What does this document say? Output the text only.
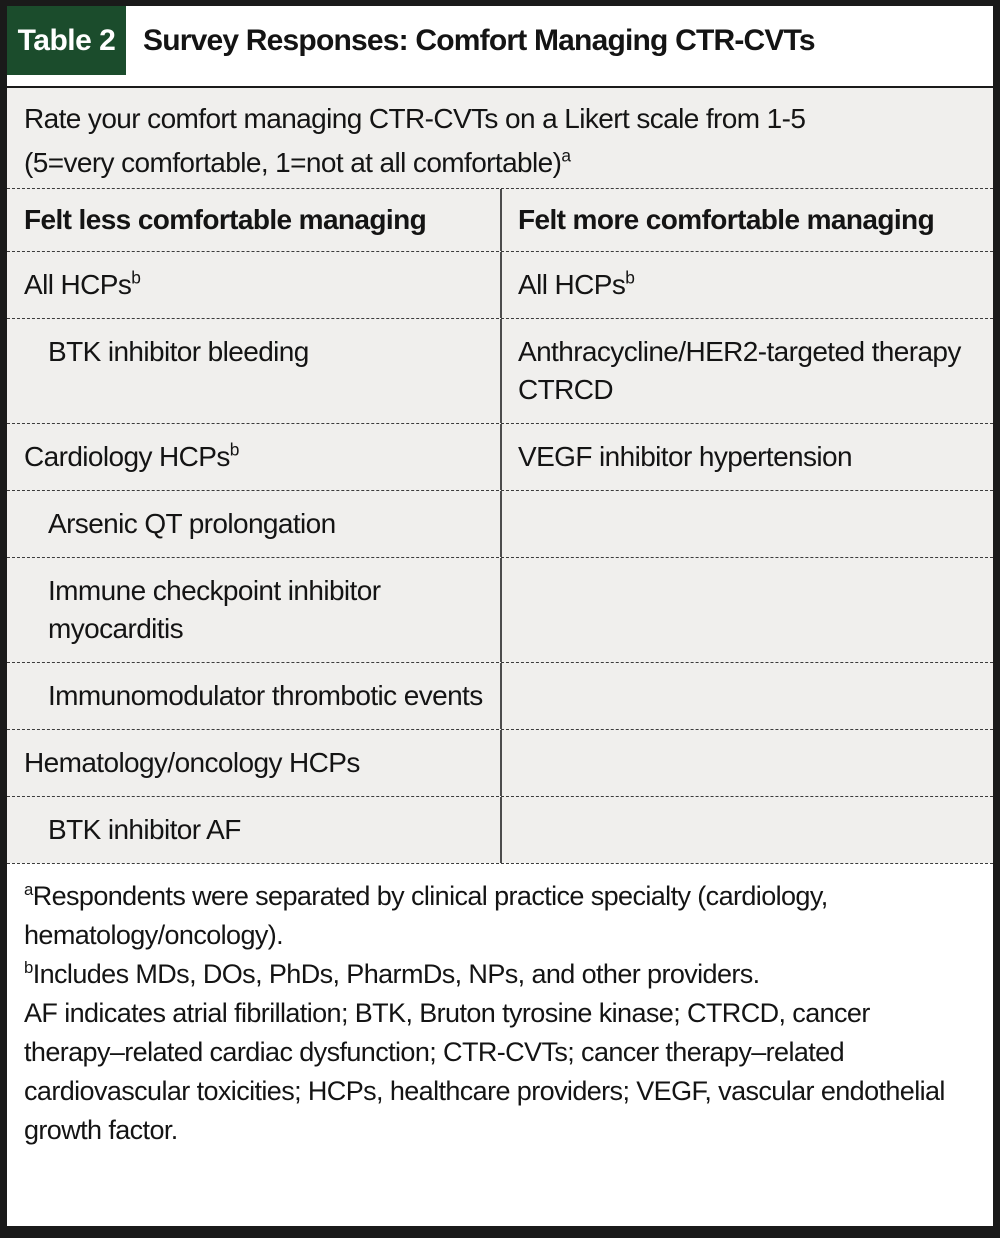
Table 2 Survey Responses: Comfort Managing CTR-CVTs
Rate your comfort managing CTR-CVTs on a Likert scale from 1-5
(5=very comfortable, 1=not at all comfortable)$^a$
Felt less comfortable managing	Felt more comfortable managing
All HCPs$^b$	All HCPs$^b$
BTK inhibitor bleeding	Anthracycline/HER2-targeted therapy CTRCD
Cardiology HCPs$^b$	VEGF inhibitor hypertension
Arsenic QT prolongation
Immune checkpoint inhibitor myocarditis
Immunomodulator thrombotic events
Hematology/oncology HCPs
BTK inhibitor AF

$^a$Respondents were separated by clinical practice specialty (cardiology, hematology/oncology).

$^b$Includes MDs, DOs, PhDs, PharmDs, NPs, and other providers.

AF indicates atrial fibrillation; BTK, Bruton tyrosine kinase; CTRCD, cancer therapy–related cardiac dysfunction; CTR-CVTs; cancer therapy–related cardiovascular toxicities; HCPs, healthcare providers; VEGF, vascular endothelial growth factor.
